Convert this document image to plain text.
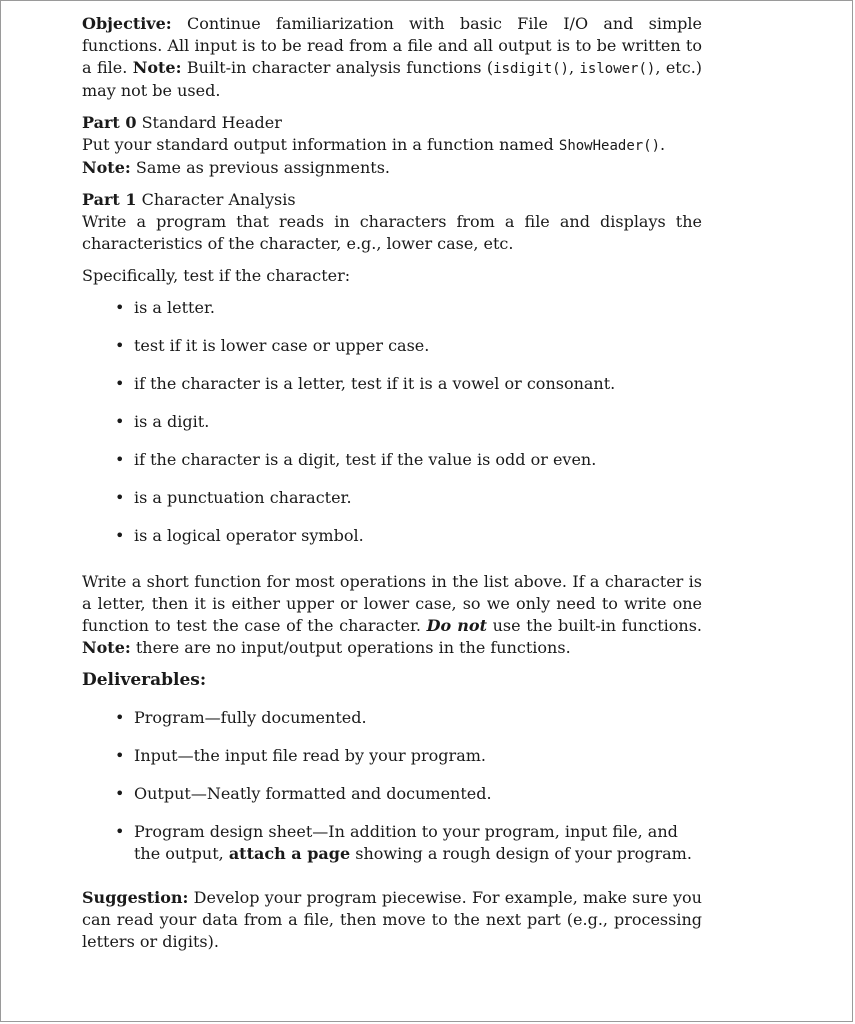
Objective: Continue familiarization with basic File I/O and simple functions. All input is to be read from a file and all output is to be written to a file. Note: Built-in character analysis functions (isdigit(), islower(), etc.) may not be used.

Part 0 Standard Header

Put your standard output information in a function named ShowHeader().

Note: Same as previous assignments.

Part 1 Character Analysis

Write a program that reads in characters from a file and displays the characteristics of the character, e.g., lower case, etc.

Specifically, test if the character:

• is a letter.
• test if it is lower case or upper case.
• if the character is a letter, test if it is a vowel or consonant.
• is a digit.
• if the character is a digit, test if the value is odd or even.
• is a punctuation character.
• is a logical operator symbol.

Write a short function for most operations in the list above. If a character is a letter, then it is either upper or lower case, so we only need to write one function to test the case of the character. Do not use the built-in functions. Note: there are no input/output operations in the functions.

Deliverables:

• Program—fully documented.
• Input—the input file read by your program.
• Output—Neatly formatted and documented.
• Program design sheet—In addition to your program, input file, and the output, attach a page showing a rough design of your program.

Suggestion: Develop your program piecewise. For example, make sure you can read your data from a file, then move to the next part (e.g., processing letters or digits).
